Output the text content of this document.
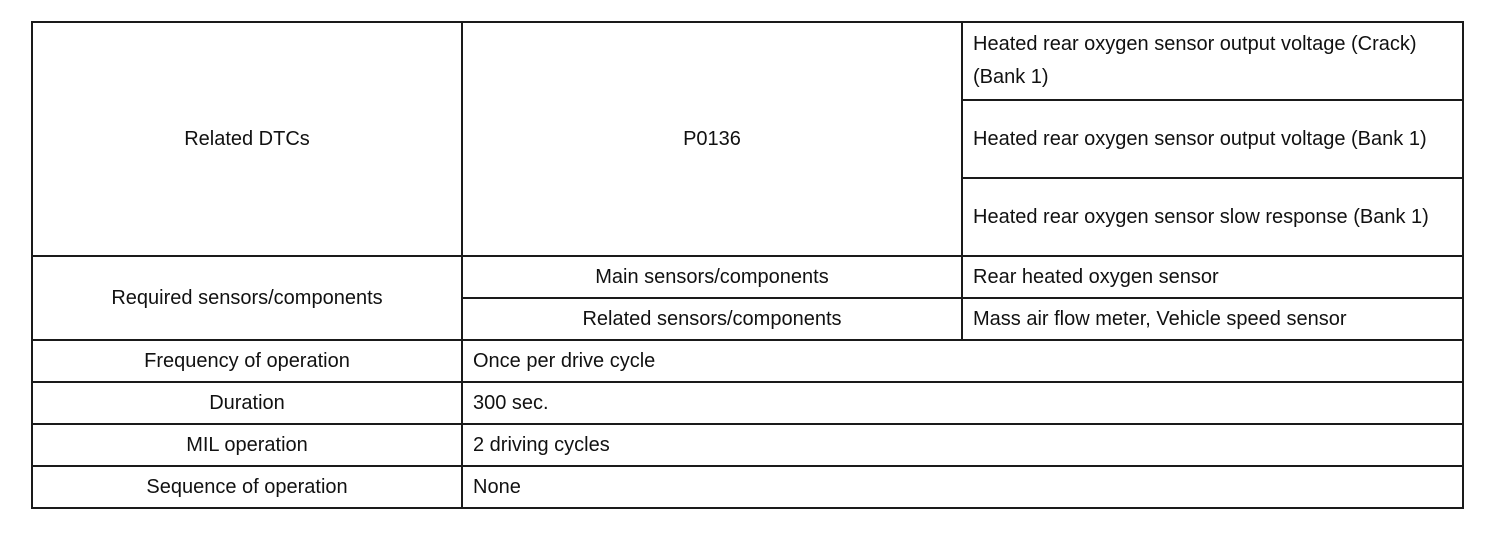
Related DTCs	P0136	Heated rear oxygen sensor output voltage (Crack) (Bank 1)
		Heated rear oxygen sensor output voltage (Bank 1)
		Heated rear oxygen sensor slow response (Bank 1)
Required sensors/components	Main sensors/components	Rear heated oxygen sensor
	Related sensors/components	Mass air flow meter, Vehicle speed sensor
Frequency of operation	Once per drive cycle	
Duration	300 sec.	
MIL operation	2 driving cycles	
Sequence of operation	None	
